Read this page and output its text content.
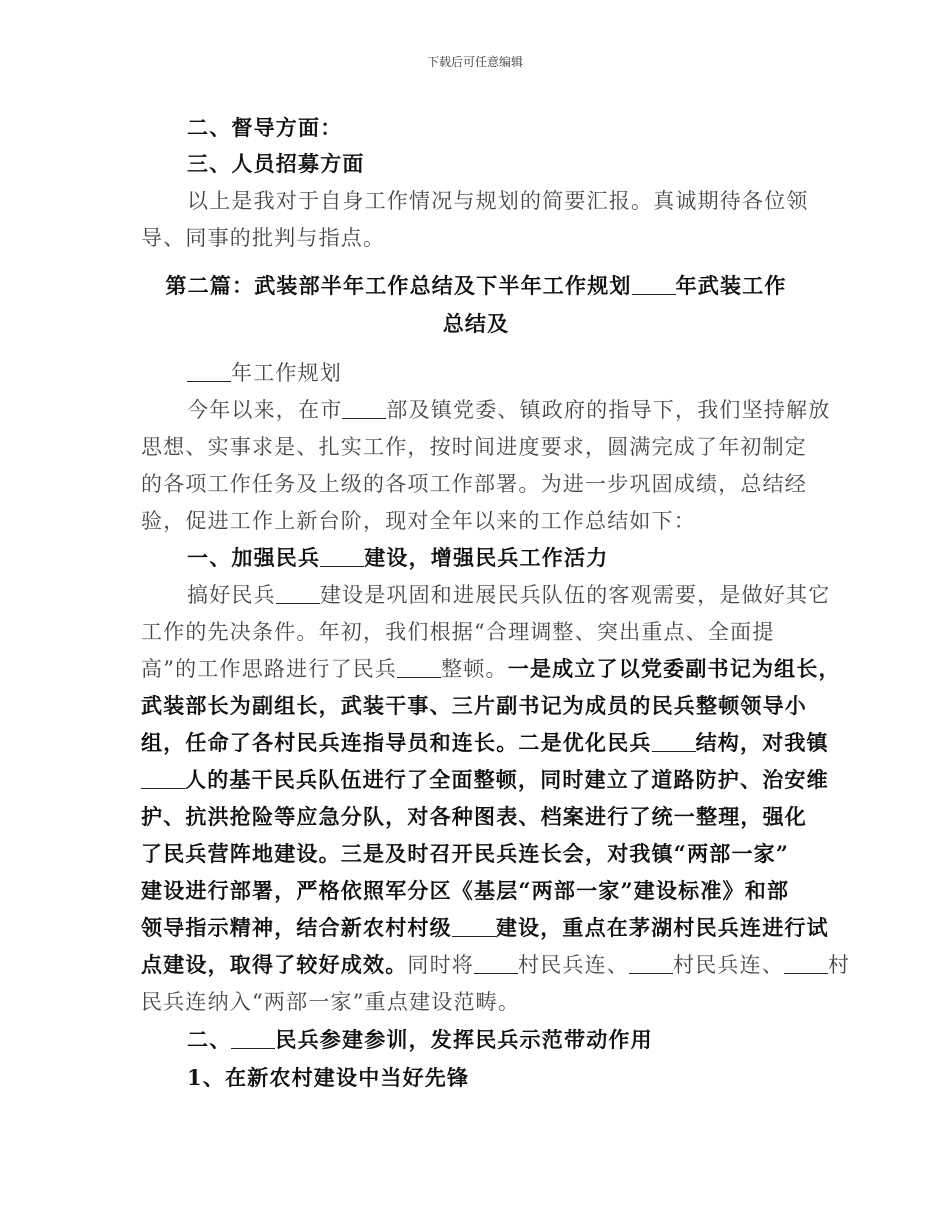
下载后可任意编辑
二、督导方面：
三、人员招募方面
以上是我对于自身工作情况与规划的简要汇报。真诚期待各位领
导、同事的批判与指点。
第二篇：武装部半年工作总结及下半年工作规划 年武装工作
总结及
年工作规划
今年以来，在市 部及镇党委、镇政府的指导下，我们坚持解放
思想、实事求是、扎实工作，按时间进度要求，圆满完成了年初制定
的各项工作任务及上级的各项工作部署。为进一步巩固成绩，总结经
验，促进工作上新台阶，现对全年以来的工作总结如下：
一、加强民兵 建设，增强民兵工作活力
搞好民兵 建设是巩固和进展民兵队伍的客观需要，是做好其它
工作的先决条件。年初，我们根据“合理调整、突出重点、全面提
高”的工作思路进行了民兵 整顿。一是成立了以党委副书记为组长，
武装部长为副组长，武装干事、三片副书记为成员的民兵整顿领导小
组，任命了各村民兵连指导员和连长。二是优化民兵 结构，对我镇
人的基干民兵队伍进行了全面整顿，同时建立了道路防护、治安维
护、抗洪抢险等应急分队，对各种图表、档案进行了统一整理，强化
了民兵营阵地建设。三是及时召开民兵连长会，对我镇“两部一家”
建设进行部署，严格依照军分区《基层“两部一家”建设标准》和部
领导指示精神，结合新农村村级 建设，重点在茅湖村民兵连进行试
点建设，取得了较好成效。同时将 村民兵连、 村民兵连、 村
民兵连纳入“两部一家”重点建设范畴。
二、 民兵参建参训，发挥民兵示范带动作用
1、在新农村建设中当好先锋
